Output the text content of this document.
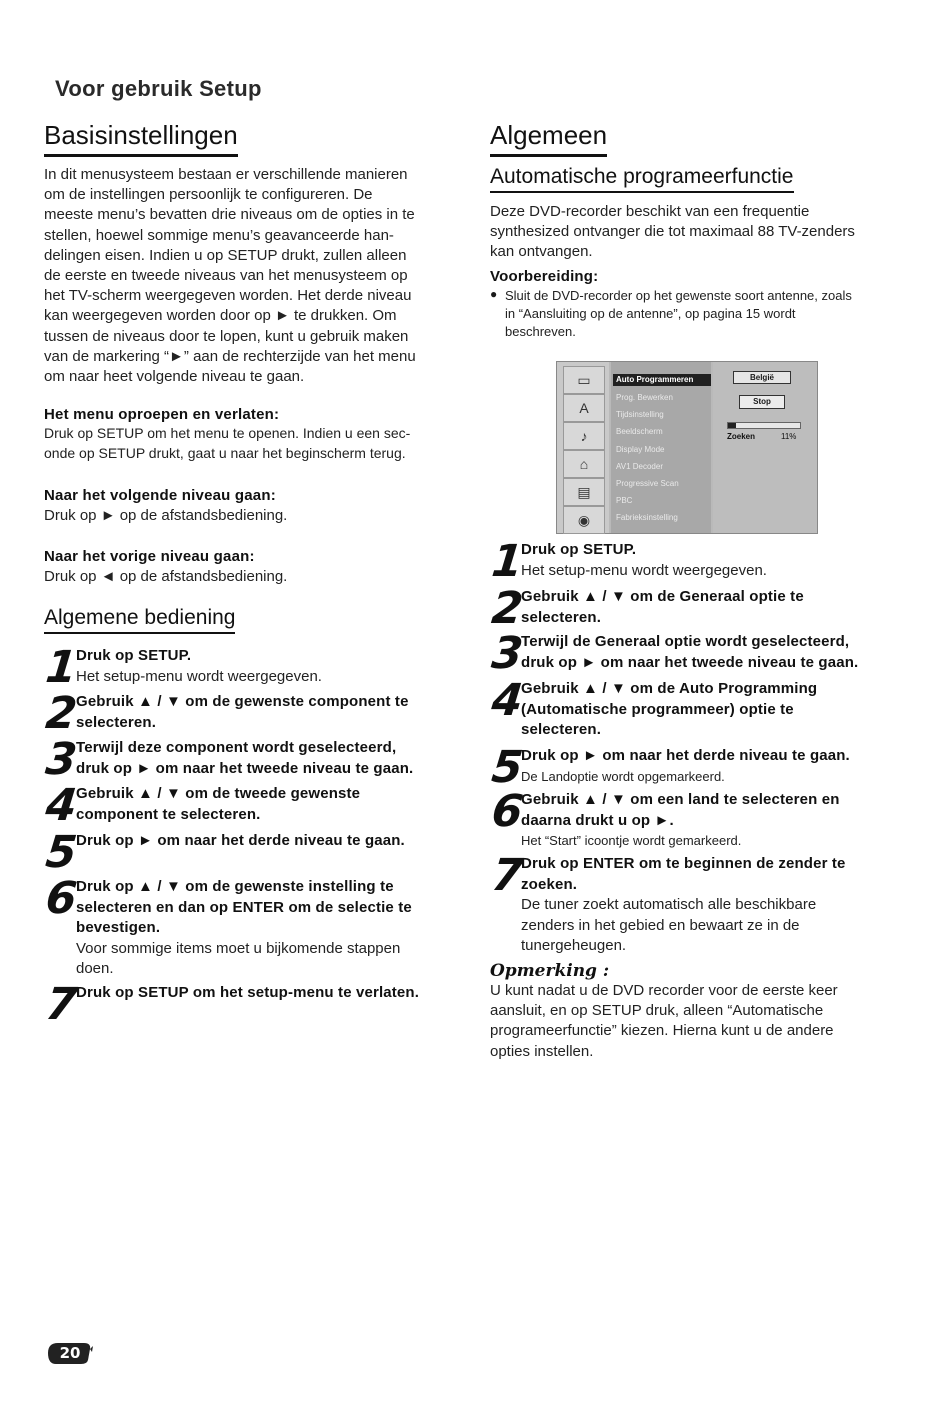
Voor gebruik Setup
Basisinstellingen

In dit menusysteem bestaan er verschillende manieren

om de instellingen persoonlijk te configureren. De

meeste menu’s bevatten drie niveaus om de opties in te

stellen, hoewel sommige menu’s geavanceerde han-

delingen eisen. Indien u op SETUP drukt, zullen alleen

de eerste en tweede niveaus van het menusysteem op

het TV-scherm weergegeven worden. Het derde niveau

kan weergegeven worden door op ► te drukken. Om

tussen de niveaus door te lopen, kunt u gebruik maken

van de markering “►” aan de rechterzijde van het menu

om naar heet volgende niveau te gaan.

Het menu oproepen en verlaten:

Druk op SETUP om het menu te openen. Indien u een sec-

onde op SETUP drukt, gaat u naar het beginscherm terug.

Naar het volgende niveau gaan:

Druk op ► op de afstandsbediening.

Naar het vorige niveau gaan:

Druk op ◄ op de afstandsbediening.

Algemene bediening
1

Druk op SETUP.

Het setup-menu wordt weergegeven.

2

Gebruik ▲ / ▼ om de gewenste component te

selecteren.

3

Terwijl deze component wordt geselecteerd,

druk op ► om naar het tweede niveau te gaan.

4

Gebruik ▲ / ▼ om de tweede gewenste

component te selecteren.

5

Druk op ► om naar het derde niveau te gaan.

6

Druk op ▲ / ▼ om de gewenste instelling te

selecteren en dan op ENTER om de selectie te

bevestigen.

Voor sommige items moet u bijkomende stappen

doen.

7

Druk op SETUP om het setup-menu te verlaten.

Algemeen
Automatische programeerfunctie

Deze DVD-recorder beschikt van een frequentie

synthesized ontvanger die tot maximaal 88 TV-zenders

kan ontvangen.

Voorbereiding:

● Sluit de DVD-recorder op het gewenste soort antenne, zoals

in “Aansluiting op de antenne”, op pagina 15 wordt

beschreven.

▭
A
♪
⌂
▤
◉
Auto Programmeren
Prog. Bewerken
Tijdsinstelling
Beeldscherm
Display Mode
AV1 Decoder
Progressive Scan
PBC
Fabrieksinstelling
België
Stop
Zoeken	11%
1

Druk op SETUP.

Het setup-menu wordt weergegeven.

2

Gebruik ▲ / ▼ om de Generaal optie te

selecteren.

3

Terwijl de Generaal optie wordt geselecteerd,

druk op ► om naar het tweede niveau te gaan.

4

Gebruik ▲ / ▼ om de Auto Programming

(Automatische programmeer) optie te

selecteren.

5

Druk op ► om naar het derde niveau te gaan.

De Landoptie wordt opgemarkeerd.

6

Gebruik ▲ / ▼ om een land te selecteren en

daarna drukt u op ►.

Het “Start” icoontje wordt gemarkeerd.

7

Druk op ENTER om te beginnen de zender te

zoeken.

De tuner zoekt automatisch alle beschikbare

zenders in het gebied en bewaart ze in de

tunergeheugen.

Opmerking :

U kunt nadat u de DVD recorder voor de eerste keer

aansluit, en op SETUP druk, alleen “Automatische

programeerfunctie” kiezen. Hierna kunt u de andere

opties instellen.

20
